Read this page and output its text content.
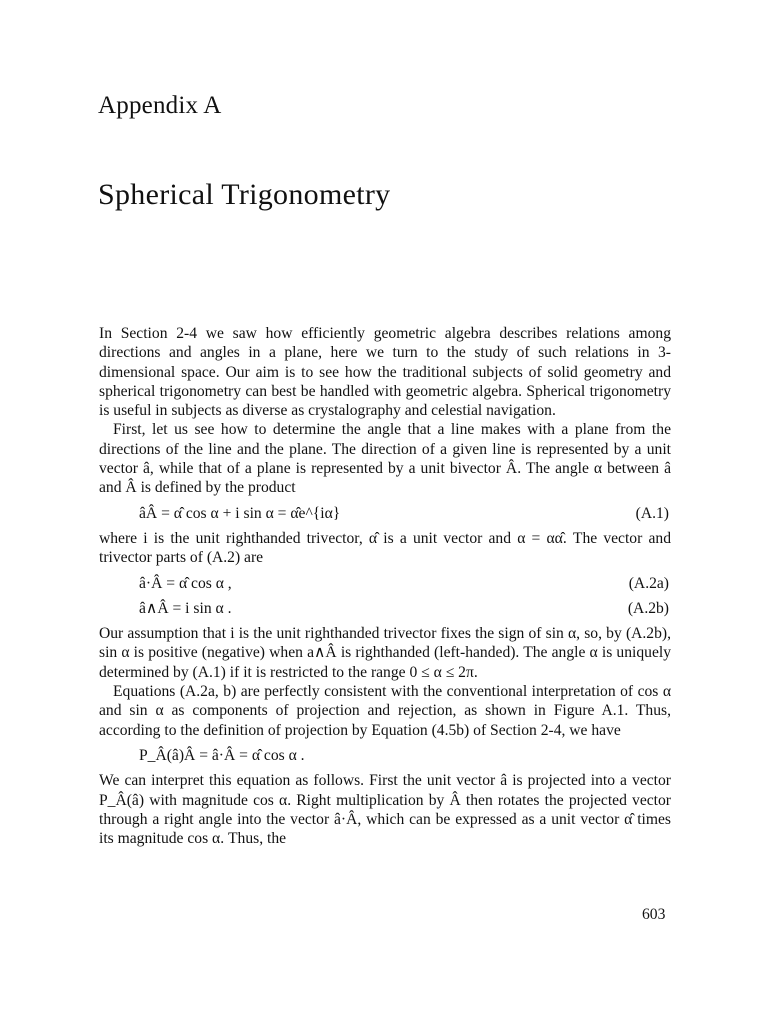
Appendix A
Spherical Trigonometry

In Section 2-4 we saw how efficiently geometric algebra describes relations among directions and angles in a plane, here we turn to the study of such relations in 3-dimensional space. Our aim is to see how the traditional subjects of solid geometry and spherical trigonometry can best be handled with geometric algebra. Spherical trigonometry is useful in subjects as diverse as crystalography and celestial navigation.

First, let us see how to determine the angle that a line makes with a plane from the directions of the line and the plane. The direction of a given line is represented by a unit vector â, while that of a plane is represented by a unit bivector Â. The angle α between â and Â is defined by the product

âÂ = α̂ cos α + i sin α = α̂e^{iα}	(A.1)

where i is the unit righthanded trivector, α̂ is a unit vector and α = αα̂. The vector and trivector parts of (A.2) are

â·Â = α̂ cos α ,	(A.2a)
â∧Â = i sin α .	(A.2b)

Our assumption that i is the unit righthanded trivector fixes the sign of sin α, so, by (A.2b), sin α is positive (negative) when a∧Â is righthanded (left-handed). The angle α is uniquely determined by (A.1) if it is restricted to the range 0 ≤ α ≤ 2π.

Equations (A.2a, b) are perfectly consistent with the conventional interpretation of cos α and sin α as components of projection and rejection, as shown in Figure A.1. Thus, according to the definition of projection by Equation (4.5b) of Section 2-4, we have

P_Â(â)Â = â·Â = α̂ cos α .

We can interpret this equation as follows. First the unit vector â is projected into a vector P_Â(â) with magnitude cos α. Right multiplication by Â then rotates the projected vector through a right angle into the vector â·Â, which can be expressed as a unit vector α̂ times its magnitude cos α. Thus, the

603
